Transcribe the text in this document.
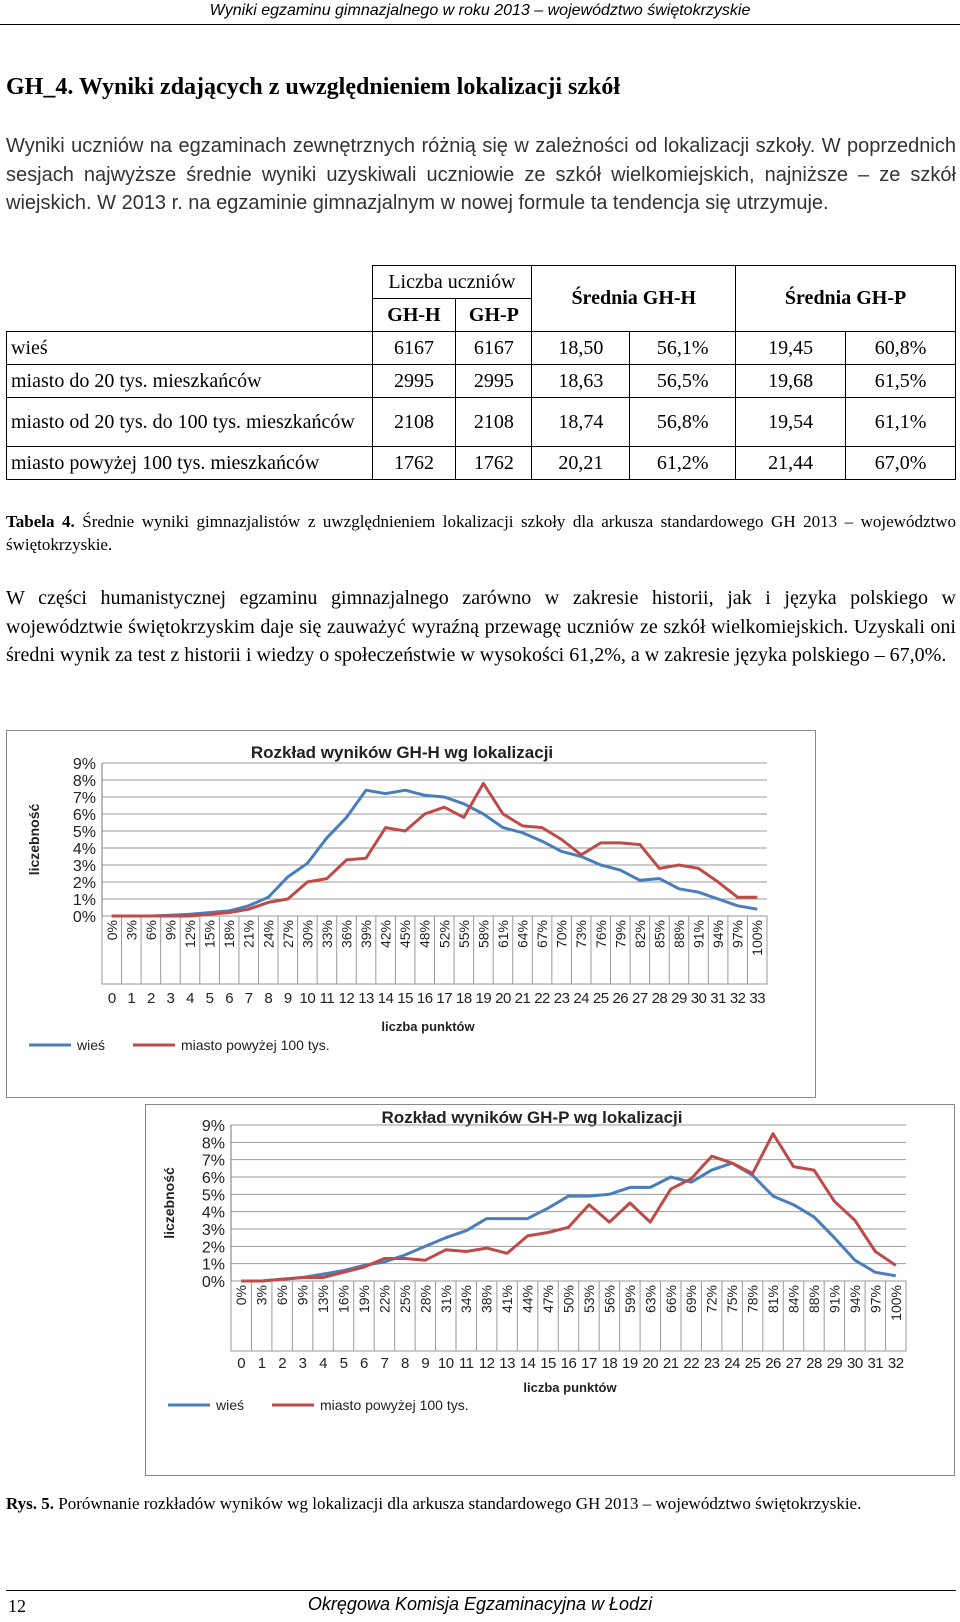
Wyniki egzaminu gimnazjalnego w roku 2013 – województwo świętokrzyskie
GH_4. Wyniki zdających z uwzględnieniem lokalizacji szkół
Wyniki uczniów na egzaminach zewnętrznych różnią się w zależności od lokalizacji szkoły. W poprzednich sesjach najwyższe średnie wyniki uzyskiwali uczniowie ze szkół wielkomiejskich, najniższe – ze szkół wiejskich. W 2013 r. na egzaminie gimnazjalnym w nowej formule ta tendencja się utrzymuje.
	Liczba uczniów		Średnia GH-H		Średnia GH-P	
	GH-H	GH-P				
wieś	6167	6167	18,50	56,1%	19,45	60,8%
miasto do 20 tys. mieszkańców	2995	2995	18,63	56,5%	19,68	61,5%
miasto od 20 tys. do 100 tys. mieszkańców	2108	2108	18,74	56,8%	19,54	61,1%
miasto powyżej 100 tys. mieszkańców	1762	1762	20,21	61,2%	21,44	67,0%
Tabela 4. Średnie wyniki gimnazjalistów z uwzględnieniem lokalizacji szkoły dla arkusza standardowego GH 2013 – województwo świętokrzyskie.
W części humanistycznej egzaminu gimnazjalnego zarówno w zakresie historii, jak i języka polskiego w województwie świętokrzyskim daje się zauważyć wyraźną przewagę uczniów ze szkół wielkomiejskich. Uzyskali oni średni wynik za test z historii i wiedzy o społeczeństwie w wysokości 61,2%, a w zakresie języka polskiego – 67,0%.
Rozkład wyników GH-H wg lokalizacji
liczebność
0%
1%
2%
3%
4%
5%
6%
7%
8%
9%
0% 3% 6% 9% 12% 15% 18% 21% 24% 27% 30% 33% 36% 39% 42% 45% 48% 52% 55% 58% 61% 64% 67% 70% 73% 76% 79% 82% 85% 88% 91% 94% 97% 100%
0 1 2 3 4 5 6 7 8 9 10 11 12 13 14 15 16 17 18 19 20 21 22 23 24 25 26 27 28 29 30 31 32 33
liczba punktów
wieś	miasto powyżej 100 tys.
Rozkład wyników GH-P wg lokalizacji
liczebność
0%
1%
2%
3%
4%
5%
6%
7%
8%
9%
0% 3% 6% 9% 13% 16% 19% 22% 25% 28% 31% 34% 38% 41% 44% 47% 50% 53% 56% 59% 63% 66% 69% 72% 75% 78% 81% 84% 88% 91% 94% 97% 100%
0 1 2 3 4 5 6 7 8 9 10 11 12 13 14 15 16 17 18 19 20 21 22 23 24 25 26 27 28 29 30 31 32
liczba punktów
wieś	miasto powyżej 100 tys.
Rys. 5. Porównanie rozkładów wyników wg lokalizacji dla arkusza standardowego GH 2013 – województwo świętokrzyskie.
12	Okręgowa Komisja Egzaminacyjna w Łodzi
